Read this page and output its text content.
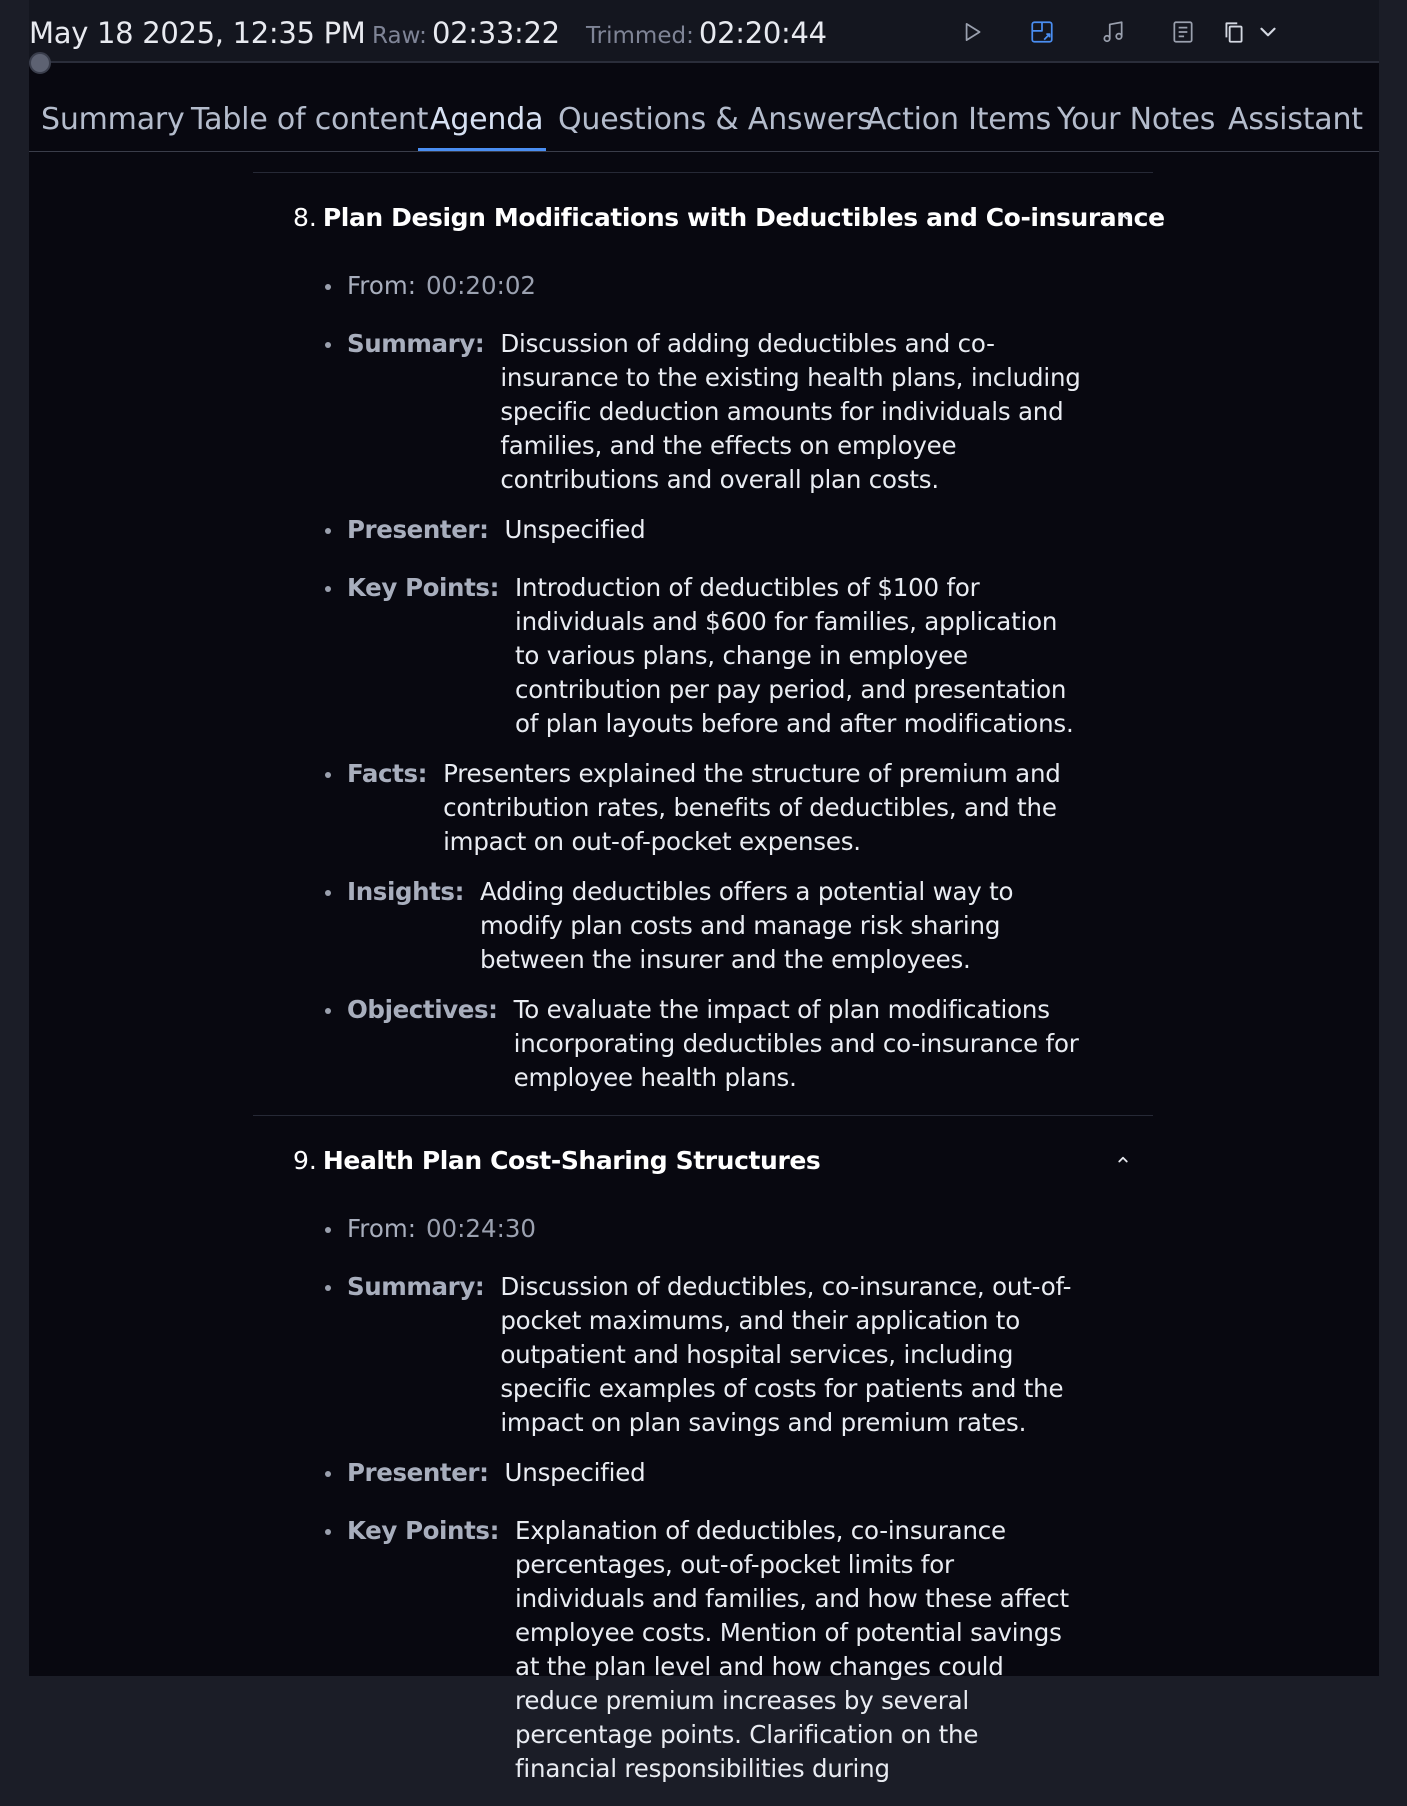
May 18 2025, 12:35 PM Raw: 02:33:22 Trimmed: 02:20:44
Summary Table of content Agenda Questions & Answers
Action Items Your Notes Assistant
8. Plan Design Modifications with Deductibles and Co-insurance
From: 00:20:02
Summary: Discussion of adding deductibles and co-insurance to the existing health plans, including specific deduction amounts for individuals and families, and the effects on employee contributions and overall plan costs.
Presenter: Unspecified
Key Points: Introduction of deductibles of $100 for individuals and $600 for families, application to various plans, change in employee contribution per pay period, and presentation of plan layouts before and after modifications.
Facts: Presenters explained the structure of premium and contribution rates, benefits of deductibles, and the impact on out-of-pocket expenses.
Insights: Adding deductibles offers a potential way to modify plan costs and manage risk sharing between the insurer and the employees.
Objectives: To evaluate the impact of plan modifications incorporating deductibles and co-insurance for employee health plans.
9. Health Plan Cost-Sharing Structures
From: 00:24:30
Summary: Discussion of deductibles, co-insurance, out-of-pocket maximums, and their application to outpatient and hospital services, including specific examples of costs for patients and the impact on plan savings and premium rates.
Presenter: Unspecified
Key Points: Explanation of deductibles, co-insurance percentages, out-of-pocket limits for individuals and families, and how these affect employee costs. Mention of potential savings at the plan level and how changes could reduce premium increases by several percentage points. Clarification on the financial responsibilities during
